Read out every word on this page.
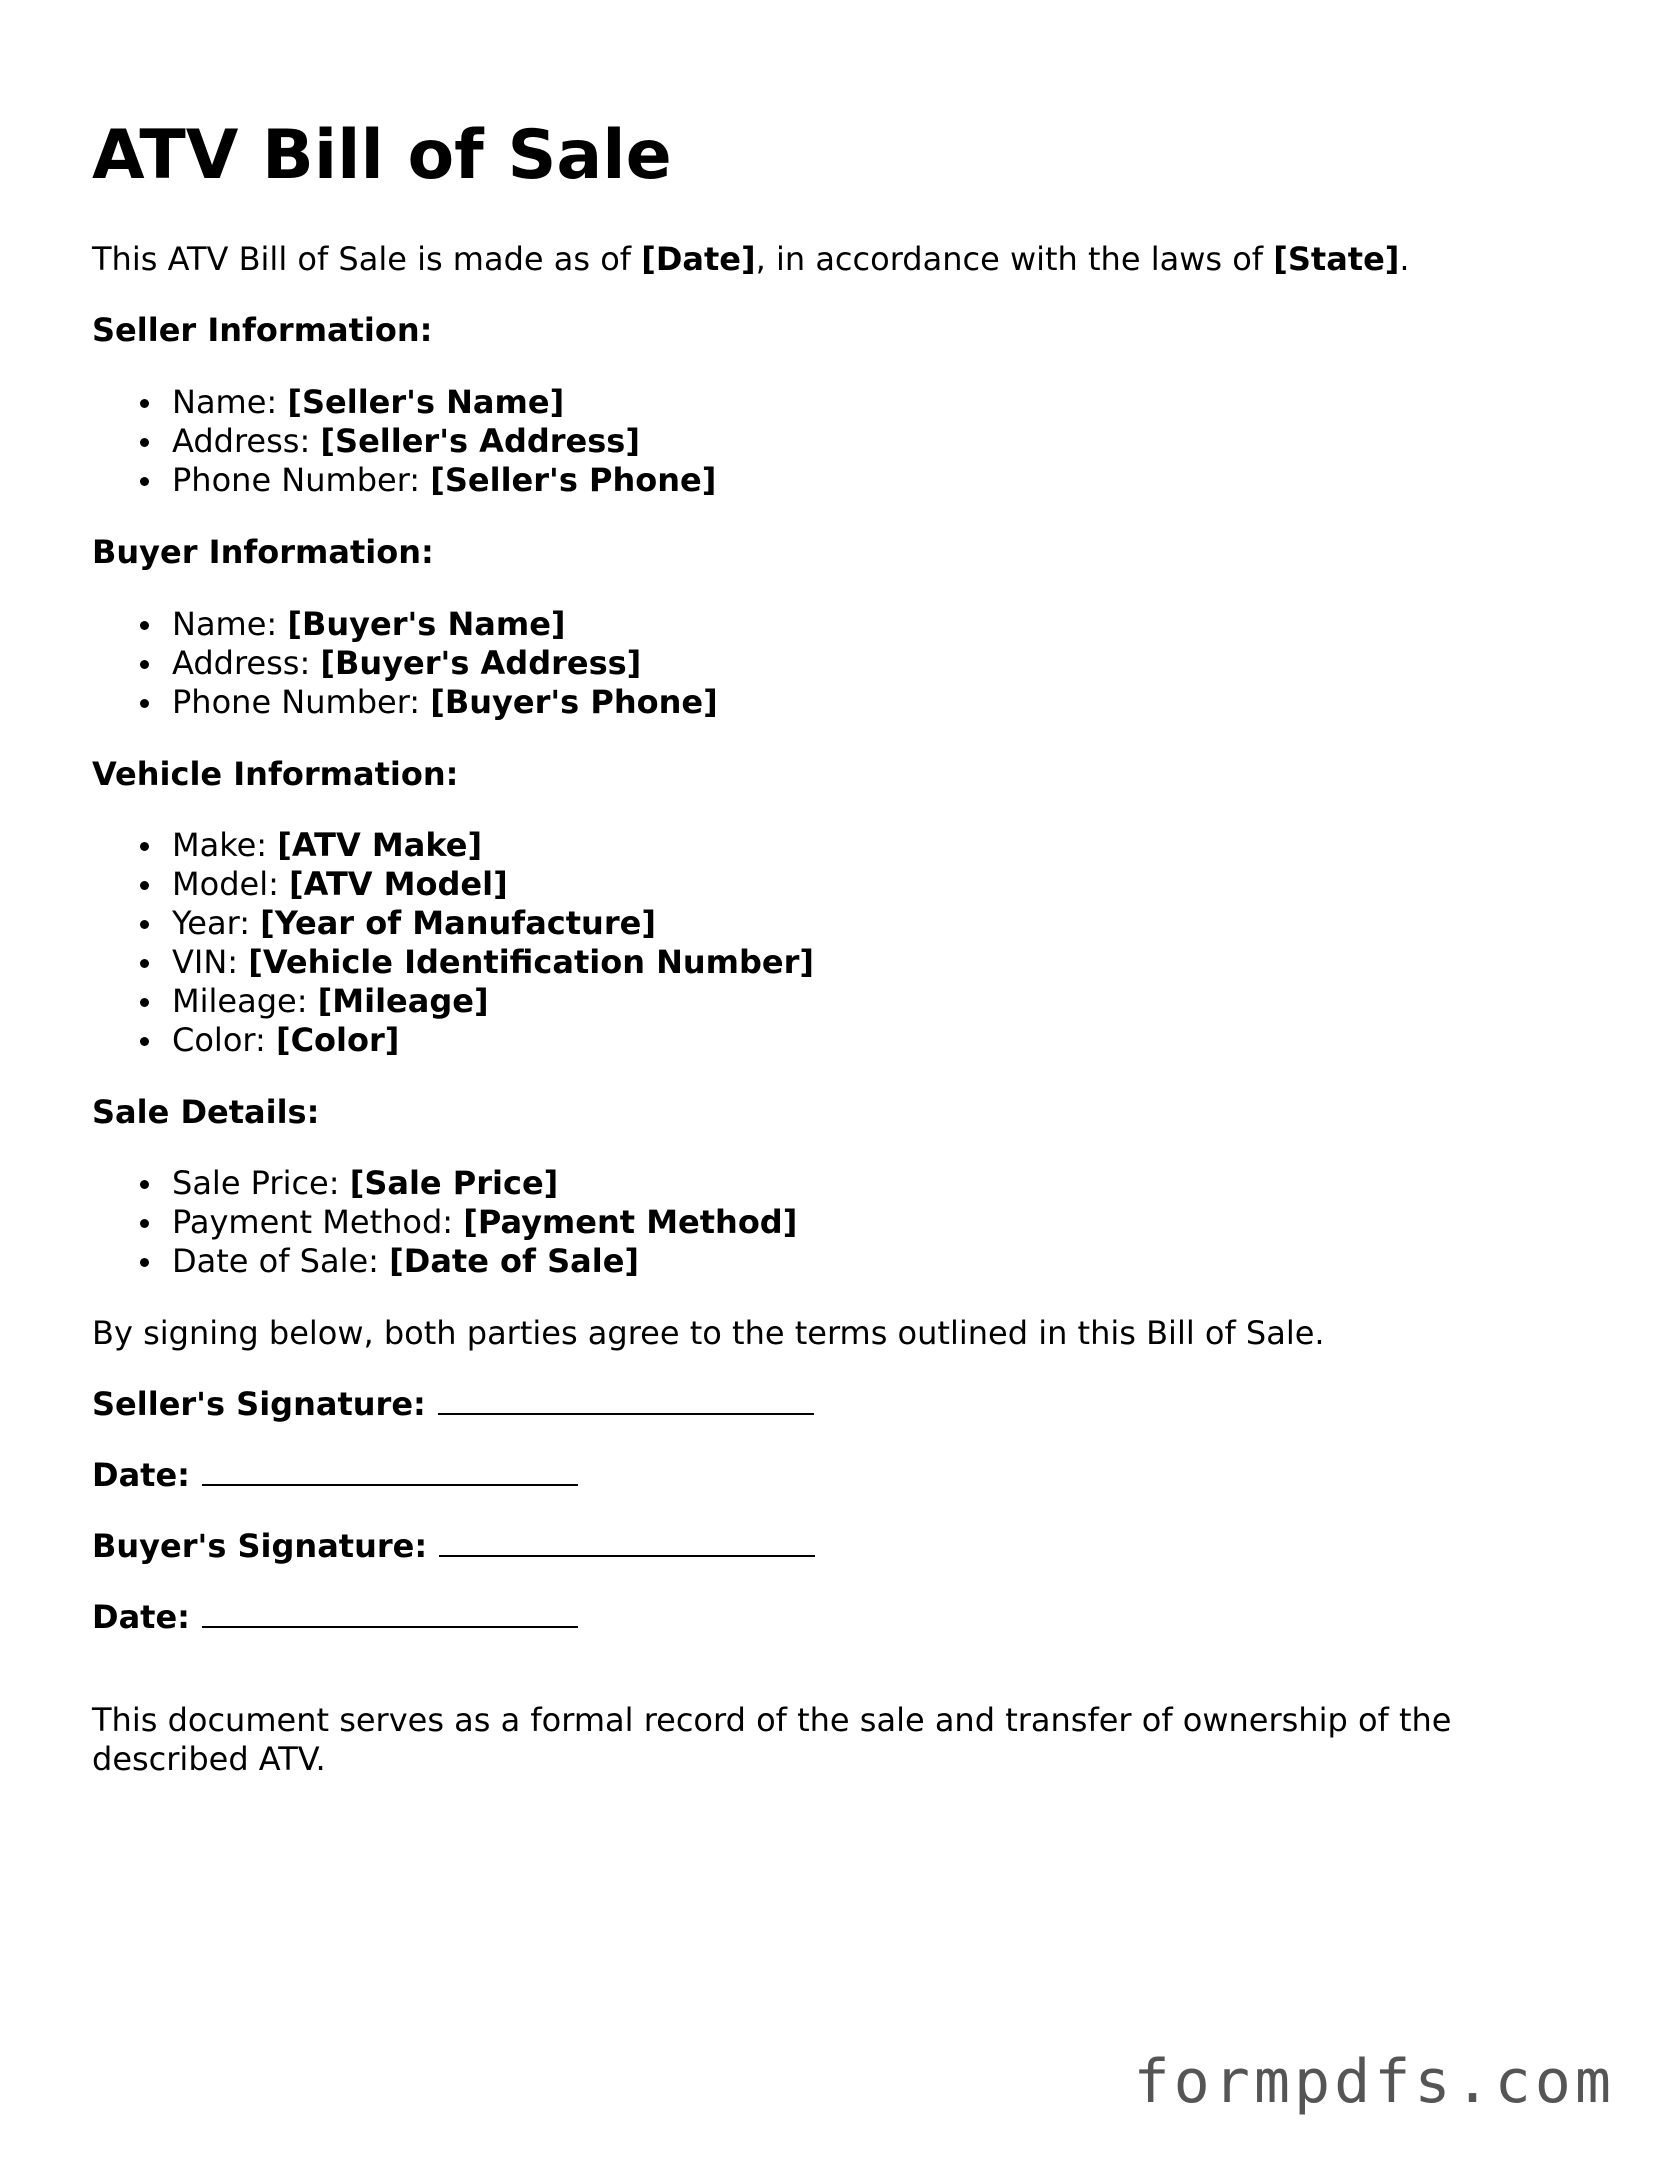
ATV Bill of Sale

This ATV Bill of Sale is made as of [Date], in accordance with the laws of [State].

Seller Information:

Name: [Seller's Name]
Address: [Seller's Address]
Phone Number: [Seller's Phone]

Buyer Information:

Name: [Buyer's Name]
Address: [Buyer's Address]
Phone Number: [Buyer's Phone]

Vehicle Information:

Make: [ATV Make]
Model: [ATV Model]
Year: [Year of Manufacture]
VIN: [Vehicle Identification Number]
Mileage: [Mileage]
Color: [Color]

Sale Details:

Sale Price: [Sale Price]
Payment Method: [Payment Method]
Date of Sale: [Date of Sale]

By signing below, both parties agree to the terms outlined in this Bill of Sale.

Seller's Signature:

Date:

Buyer's Signature:

Date:

This document serves as a formal record of the sale and transfer of ownership of the described ATV.

formpdfs.com
